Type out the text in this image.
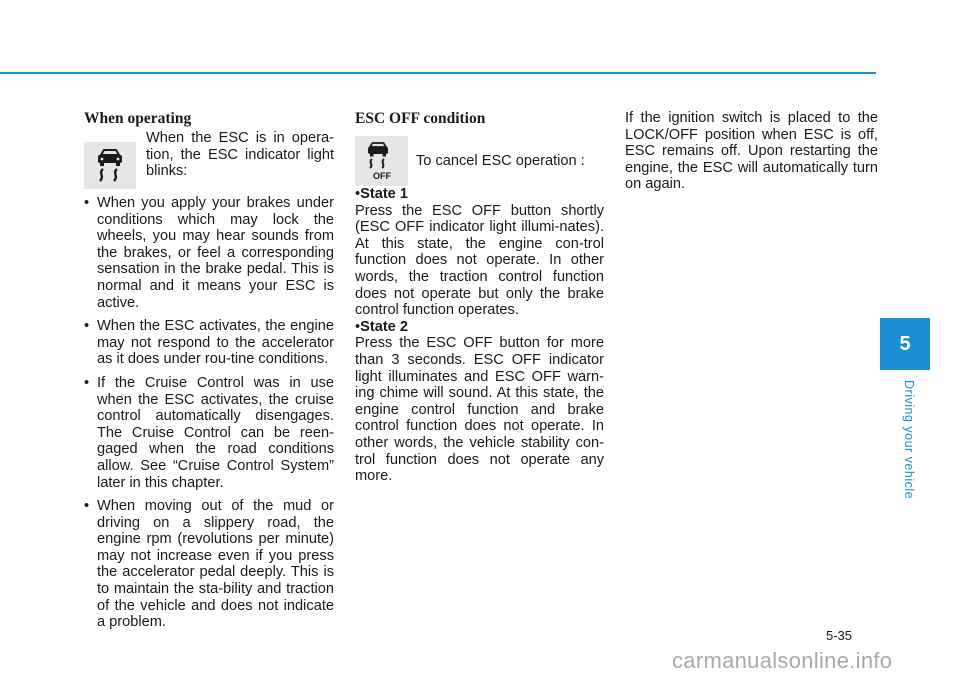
When operating

When the ESC is in opera-tion, the ESC indicator light blinks:

• When you apply your brakes under conditions which may lock the wheels, you may hear sounds from the brakes, or feel a corresponding sensation in the brake pedal. This is normal and it means your ESC is active.
• When the ESC activates, the engine may not respond to the accelerator as it does under rou-tine conditions.
• If the Cruise Control was in use when the ESC activates, the cruise control automatically disengages. The Cruise Control can be reen-gaged when the road conditions allow. See “Cruise Control System” later in this chapter.
• When moving out of the mud or driving on a slippery road, the engine rpm (revolutions per minute) may not increase even if you press the accelerator pedal deeply. This is to maintain the sta-bility and traction of the vehicle and does not indicate a problem.

ESC OFF condition

OFF

To cancel ESC operation :

• State 1

Press the ESC OFF button shortly (ESC OFF indicator light illumi-nates). At this state, the engine con-trol function does not operate. In other words, the traction control function does not operate but only the brake control function operates.

• State 2

Press the ESC OFF button for more than 3 seconds. ESC OFF indicator light illuminates and ESC OFF warn-ing chime will sound. At this state, the engine control function and brake control function does not operate. In other words, the vehicle stability con-trol function does not operate any more.

If the ignition switch is placed to the LOCK/OFF position when ESC is off, ESC remains off. Upon restarting the engine, the ESC will automatically turn on again.

5
Driving your vehicle
5-35
carmanualsonline.info
